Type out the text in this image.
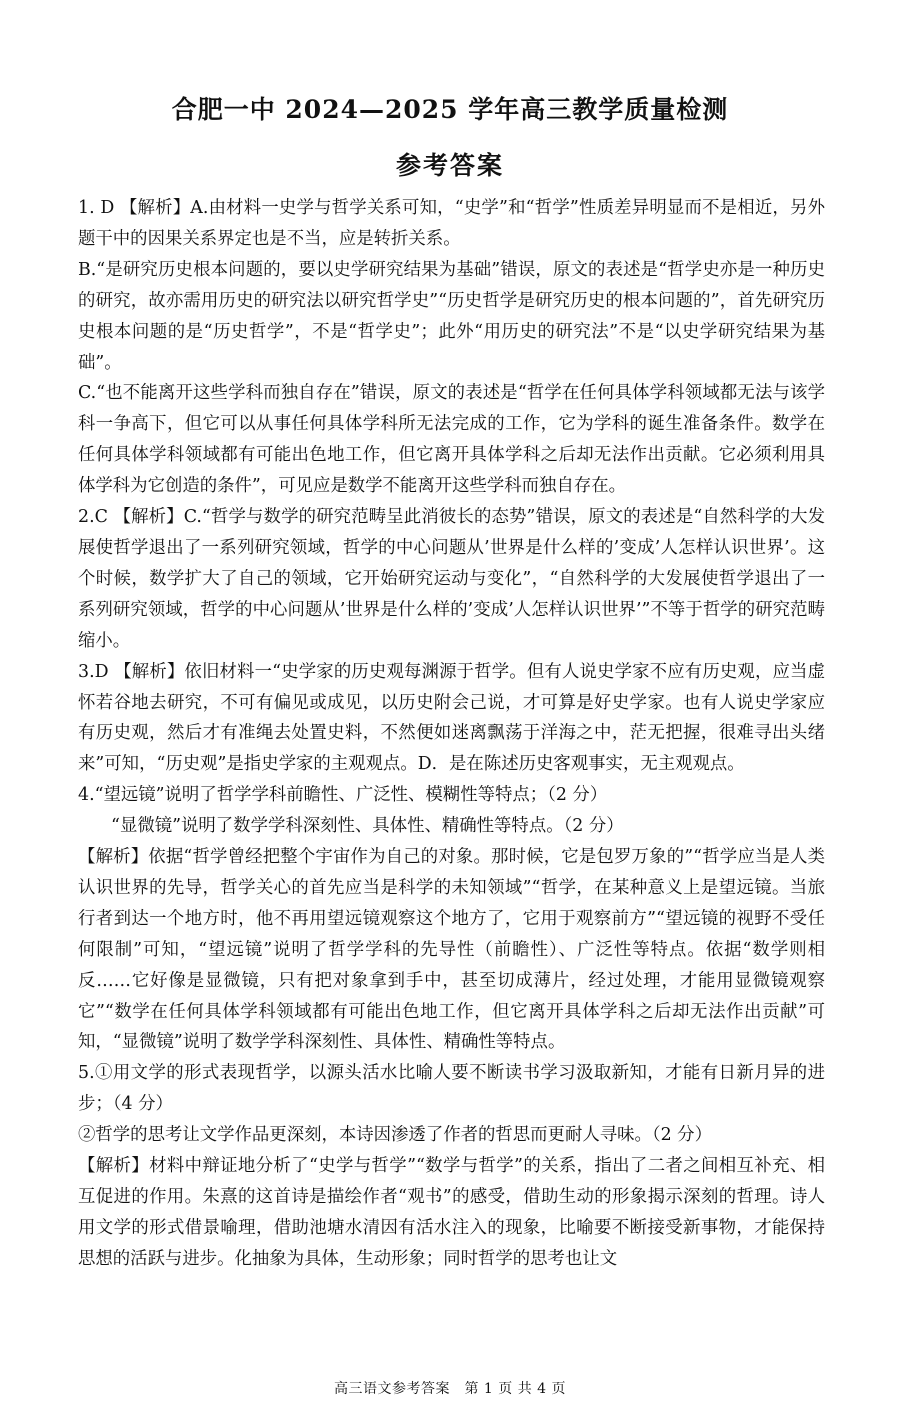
合肥一中 2024—2025 学年高三教学质量检测
参考答案

1. D 【解析】A.由材料一史学与哲学关系可知，“史学”和“哲学”性质差异明显而不是相近，另外题干中的因果关系界定也是不当，应是转折关系。

B.“是研究历史根本问题的，要以史学研究结果为基础”错误，原文的表述是“哲学史亦是一种历史的研究，故亦需用历史的研究法以研究哲学史”“历史哲学是研究历史的根本问题的”，首先研究历史根本问题的是“历史哲学”，不是“哲学史”；此外“用历史的研究法”不是“以史学研究结果为基础”。

C.“也不能离开这些学科而独自存在”错误，原文的表述是“哲学在任何具体学科领域都无法与该学科一争高下，但它可以从事任何具体学科所无法完成的工作，它为学科的诞生准备条件。数学在任何具体学科领域都有可能出色地工作，但它离开具体学科之后却无法作出贡献。它必须利用具体学科为它创造的条件”，可见应是数学不能离开这些学科而独自存在。

2.C 【解析】C.“哲学与数学的研究范畴呈此消彼长的态势”错误，原文的表述是“自然科学的大发展使哲学退出了一系列研究领域，哲学的中心问题从’世界是什么样的’变成’人怎样认识世界’。这个时候，数学扩大了自己的领域，它开始研究运动与变化”，“自然科学的大发展使哲学退出了一系列研究领域，哲学的中心问题从’世界是什么样的’变成’人怎样认识世界’”不等于哲学的研究范畴缩小。

3.D 【解析】依旧材料一“史学家的历史观每渊源于哲学。但有人说史学家不应有历史观，应当虚怀若谷地去研究，不可有偏见或成见，以历史附会己说，才可算是好史学家。也有人说史学家应有历史观，然后才有准绳去处置史料，不然便如迷离飘荡于洋海之中，茫无把握，很难寻出头绪来”可知，“历史观”是指史学家的主观观点。D．是在陈述历史客观事实，无主观观点。

4.“望远镜”说明了哲学学科前瞻性、广泛性、模糊性等特点；（2 分）

“显微镜”说明了数学学科深刻性、具体性、精确性等特点。（2 分）

【解析】依据“哲学曾经把整个宇宙作为自己的对象。那时候，它是包罗万象的”“哲学应当是人类认识世界的先导，哲学关心的首先应当是科学的未知领域”“哲学，在某种意义上是望远镜。当旅行者到达一个地方时，他不再用望远镜观察这个地方了，它用于观察前方”“望远镜的视野不受任何限制”可知，“望远镜”说明了哲学学科的先导性（前瞻性）、广泛性等特点。依据“数学则相反……它好像是显微镜，只有把对象拿到手中，甚至切成薄片，经过处理，才能用显微镜观察它”“数学在任何具体学科领域都有可能出色地工作，但它离开具体学科之后却无法作出贡献”可知，“显微镜”说明了数学学科深刻性、具体性、精确性等特点。

5.①用文学的形式表现哲学，以源头活水比喻人要不断读书学习汲取新知，才能有日新月异的进步；（4 分）

②哲学的思考让文学作品更深刻，本诗因渗透了作者的哲思而更耐人寻味。（2 分）

【解析】材料中辩证地分析了“史学与哲学”“数学与哲学”的关系，指出了二者之间相互补充、相互促进的作用。朱熹的这首诗是描绘作者“观书”的感受，借助生动的形象揭示深刻的哲理。诗人用文学的形式借景喻理，借助池塘水清因有活水注入的现象，比喻要不断接受新事物，才能保持思想的活跃与进步。化抽象为具体，生动形象；同时哲学的思考也让文

高三语文参考答案　第 1 页 共 4 页
